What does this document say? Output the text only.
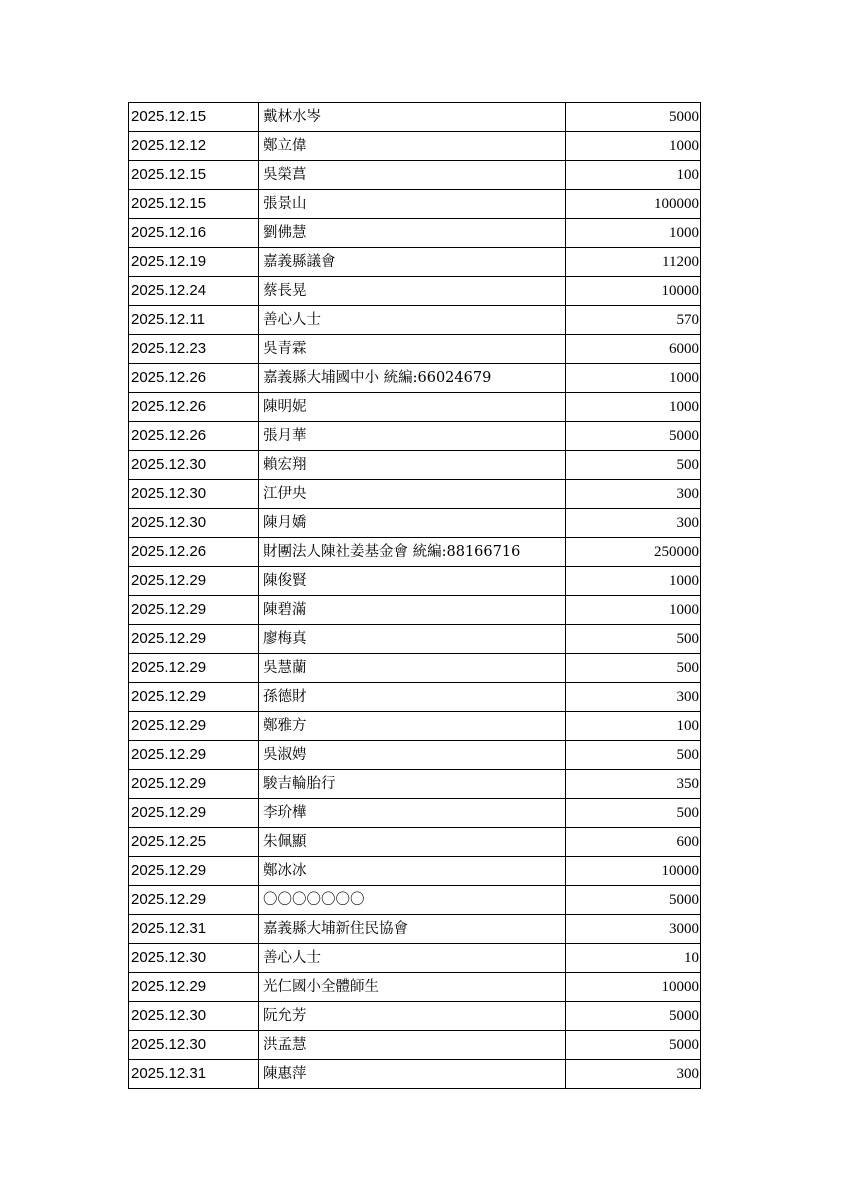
2025.12.15	戴林水岑	5000
2025.12.12	鄭立偉	1000
2025.12.15	吳榮菖	100
2025.12.15	張景山	100000
2025.12.16	劉佛慧	1000
2025.12.19	嘉義縣議會	11200
2025.12.24	蔡長晃	10000
2025.12.11	善心人士	570
2025.12.23	吳青霖	6000
2025.12.26	嘉義縣大埔國中小 統編:66024679	1000
2025.12.26	陳明妮	1000
2025.12.26	張月華	5000
2025.12.30	賴宏翔	500
2025.12.30	江伊央	300
2025.12.30	陳月嬌	300
2025.12.26	財團法人陳社姜基金會 統編:88166716	250000
2025.12.29	陳俊賢	1000
2025.12.29	陳碧滿	1000
2025.12.29	廖梅真	500
2025.12.29	吳慧蘭	500
2025.12.29	孫德財	300
2025.12.29	鄭雅方	100
2025.12.29	吳淑娉	500
2025.12.29	駿吉輪胎行	350
2025.12.29	李玠樺	500
2025.12.25	朱佩顯	600
2025.12.29	鄭冰冰	10000
2025.12.29	〇〇〇〇〇〇〇	5000
2025.12.31	嘉義縣大埔新住民協會	3000
2025.12.30	善心人士	10
2025.12.29	光仁國小全體師生	10000
2025.12.30	阮允芳	5000
2025.12.30	洪孟慧	5000
2025.12.31	陳惠萍	300
